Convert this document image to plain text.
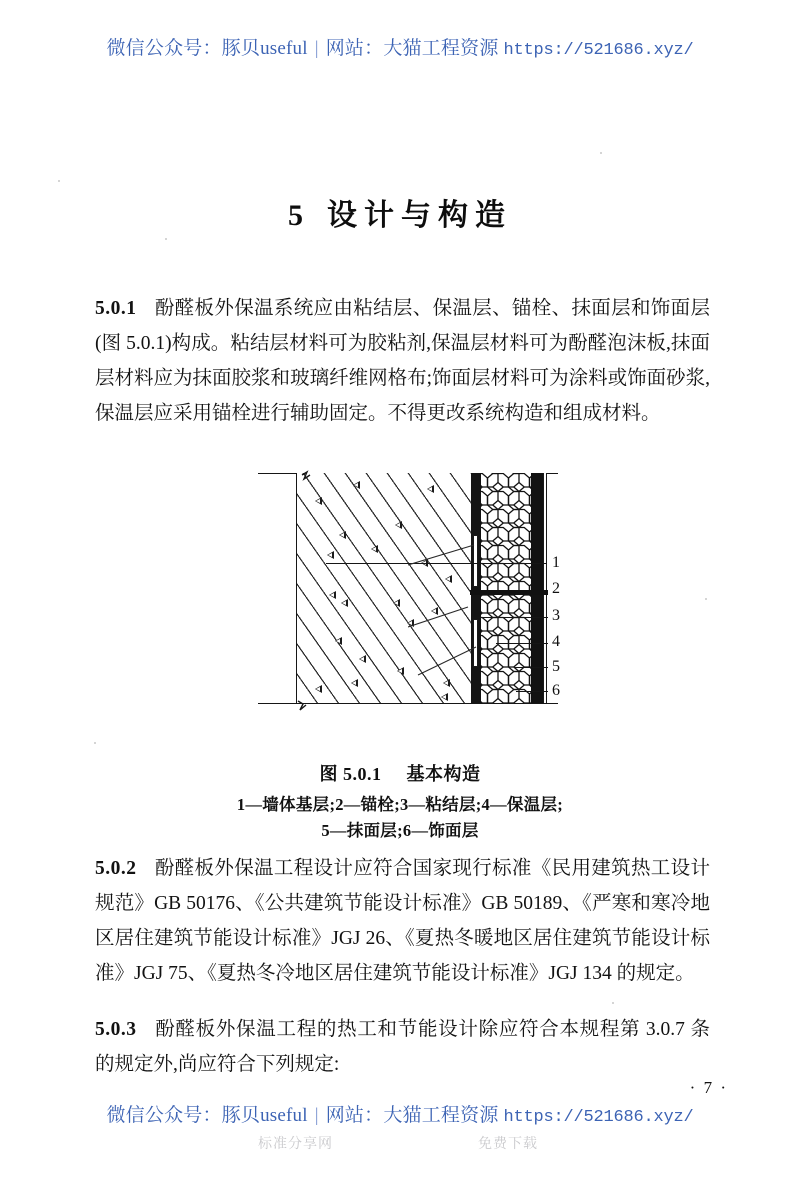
微信公众号：豚贝useful | 网站：大猫工程资源 https://521686.xyz/
5 设计与构造
5.0.1 酚醛板外保温系统应由粘结层、保温层、锚栓、抹面层和饰面层(图 5.0.1)构成。粘结层材料可为胶粘剂,保温层材料可为酚醛泡沫板,抹面层材料应为抹面胶浆和玻璃纤维网格布;饰面层材料可为涂料或饰面砂浆,保温层应采用锚栓进行辅助固定。不得更改系统构造和组成材料。
1
2
3
4
5
6
图 5.0.1 基本构造
1—墙体基层;2—锚栓;3—粘结层;4—保温层;
5—抹面层;6—饰面层
5.0.2 酚醛板外保温工程设计应符合国家现行标准《民用建筑热工设计规范》GB 50176、《公共建筑节能设计标准》GB 50189、《严寒和寒冷地区居住建筑节能设计标准》JGJ 26、《夏热冬暖地区居住建筑节能设计标准》JGJ 75、《夏热冬冷地区居住建筑节能设计标准》JGJ 134 的规定。
5.0.3 酚醛板外保温工程的热工和节能设计除应符合本规程第 3.0.7 条的规定外,尚应符合下列规定:
· 7 ·
微信公众号：豚贝useful | 网站：大猫工程资源 https://521686.xyz/
标准分享网	免费下载
